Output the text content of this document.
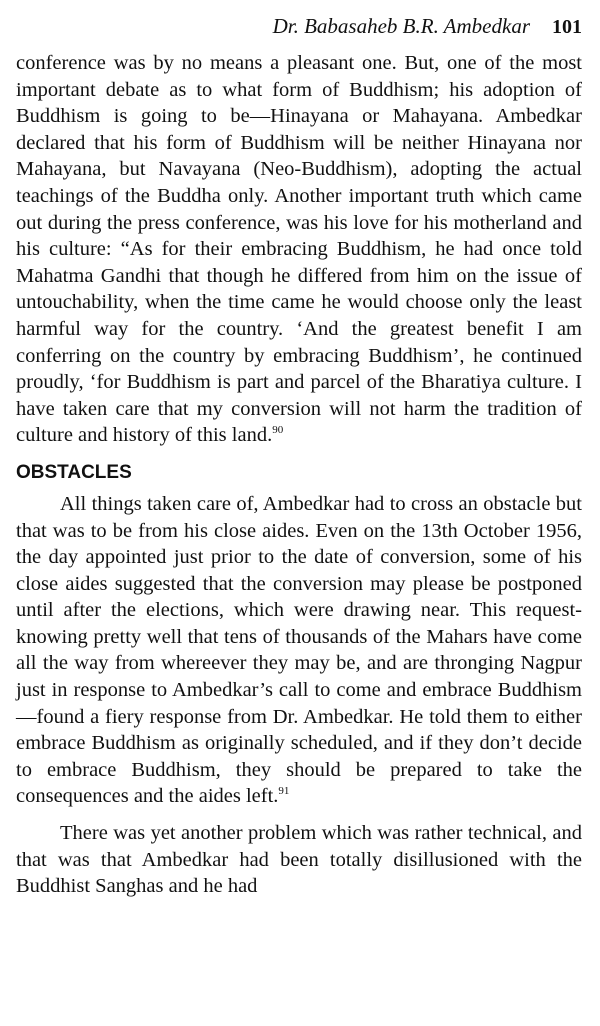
Dr. Babasaheb B.R. Ambedkar 101

conference was by no means a pleasant one. But, one of the most important debate as to what form of Buddhism; his adoption of Buddhism is going to be—Hinayana or Mahayana. Ambedkar declared that his form of Buddhism will be neither Hinayana nor Mahayana, but Navayana (Neo-Buddhism), adopting the actual teachings of the Buddha only. Another important truth which came out during the press conference, was his love for his motherland and his culture: “As for their embracing Buddhism, he had once told Mahatma Gandhi that though he differed from him on the issue of untouchability, when the time came he would choose only the least harmful way for the country. ‘And the greatest benefit I am conferring on the country by embracing Buddhism’, he continued proudly, ‘for Buddhism is part and parcel of the Bharatiya culture. I have taken care that my conversion will not harm the tradition of culture and history of this land.$^{90}$

OBSTACLES

All things taken care of, Ambedkar had to cross an obstacle but that was to be from his close aides. Even on the 13th October 1956, the day appointed just prior to the date of conversion, some of his close aides suggested that the conversion may please be postponed until after the elections, which were drawing near. This request-knowing pretty well that tens of thousands of the Mahars have come all the way from whereever they may be, and are thronging Nagpur just in response to Ambedkar’s call to come and embrace Buddhism—found a fiery response from Dr. Ambedkar. He told them to either embrace Buddhism as originally scheduled, and if they don’t decide to embrace Buddhism, they should be prepared to take the consequences and the aides left.$^{91}$

There was yet another problem which was rather technical, and that was that Ambedkar had been totally disillusioned with the Buddhist Sanghas and he had
